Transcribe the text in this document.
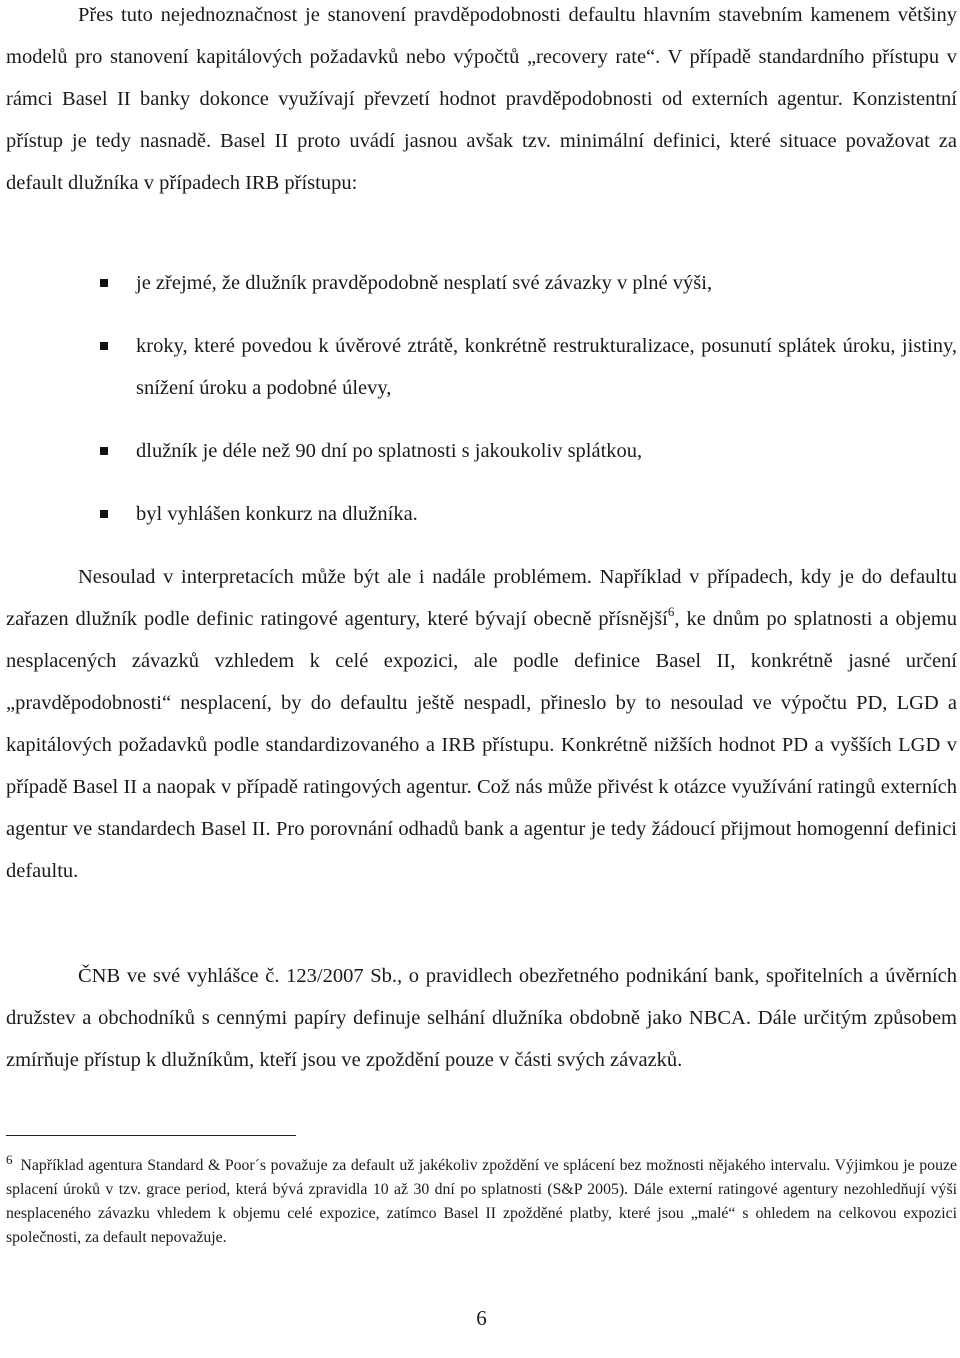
Přes tuto nejednoznačnost je stanovení pravděpodobnosti defaultu hlavním stavebním kamenem většiny modelů pro stanovení kapitálových požadavků nebo výpočtů „recovery rate“. V případě standardního přístupu v rámci Basel II banky dokonce využívají převzetí hodnot pravděpodobnosti od externích agentur. Konzistentní přístup je tedy nasnadě. Basel II proto uvádí jasnou avšak tzv. minimální definici, které situace považovat za default dlužníka v případech IRB přístupu:

je zřejmé, že dlužník pravděpodobně nesplatí své závazky v plné výši,
kroky, které povedou k úvěrové ztrátě, konkrétně restrukturalizace, posunutí splátek úroku, jistiny, snížení úroku a podobné úlevy,
dlužník je déle než 90 dní po splatnosti s jakoukoliv splátkou,
byl vyhlášen konkurz na dlužníka.

Nesoulad v interpretacích může být ale i nadále problémem. Například v případech, kdy je do defaultu zařazen dlužník podle definic ratingové agentury, které bývají obecně přísnější$^6$, ke dnům po splatnosti a objemu nesplacených závazků vzhledem k celé expozici, ale podle definice Basel II, konkrétně jasné určení „pravděpodobnosti“ nesplacení, by do defaultu ještě nespadl, přineslo by to nesoulad ve výpočtu PD, LGD a kapitálových požadavků podle standardizovaného a IRB přístupu. Konkrétně nižších hodnot PD a vyšších LGD v případě Basel II a naopak v případě ratingových agentur. Což nás může přivést k otázce využívání ratingů externích agentur ve standardech Basel II. Pro porovnání odhadů bank a agentur je tedy žádoucí přijmout homogenní definici defaultu.

ČNB ve své vyhlášce č. 123/2007 Sb., o pravidlech obezřetného podnikání bank, spořitelních a úvěrních družstev a obchodníků s cennými papíry definuje selhání dlužníka obdobně jako NBCA. Dále určitým způsobem zmírňuje přístup k dlužníkům, kteří jsou ve zpoždění pouze v části svých závazků.

$^6$ Například agentura Standard & Poor´s považuje za default už jakékoliv zpoždění ve splácení bez možnosti nějakého intervalu. Výjimkou je pouze splacení úroků v tzv. grace period, která bývá zpravidla 10 až 30 dní po splatnosti (S&P 2005). Dále externí ratingové agentury nezohledňují výši nesplaceného závazku vhledem k objemu celé expozice, zatímco Basel II zpožděné platby, které jsou „malé“ s ohledem na celkovou expozici společnosti, za default nepovažuje.

6
